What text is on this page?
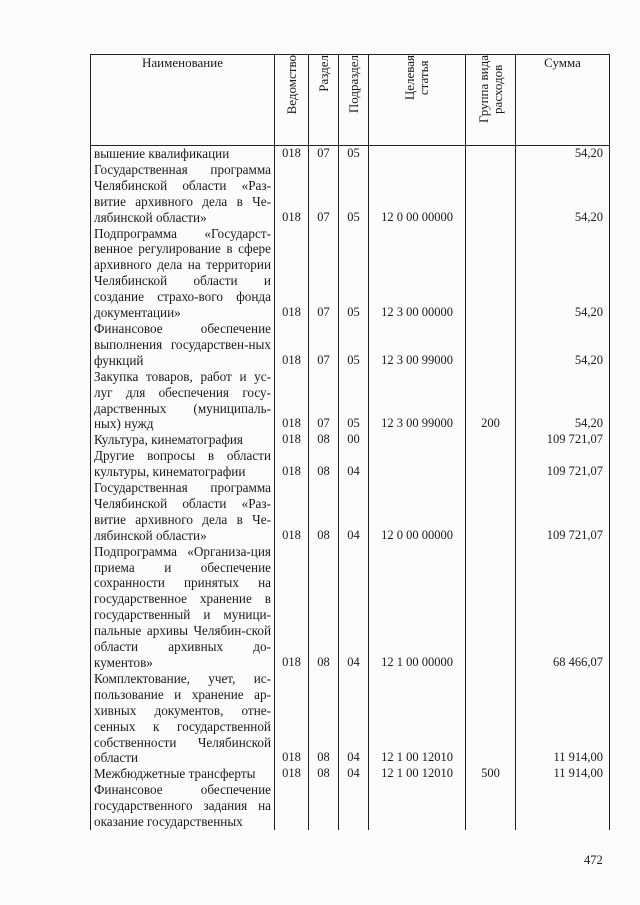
Наименование	Ведомство	Раздел	Подраздел	Целевая
статья	Группа вида
расходов	Сумма
вышение квалификации	018	07	05			54,20
Государственная программа Челябинской области «Раз-витие архивного дела в Че-лябинской области»	018	07	05	12 0 00 00000		54,20
Подпрограмма «Государст-венное регулирование в сфере архивного дела на территории Челябинской области и создание страхо-вого фонда документации»	018	07	05	12 3 00 00000		54,20
Финансовое обеспечение выполнения государствен-ных функций	018	07	05	12 3 00 99000		54,20
Закупка товаров, работ и ус-луг для обеспечения госу-дарственных (муниципаль-ных) нужд	018	07	05	12 3 00 99000	200	54,20
Культура, кинематография	018	08	00			109 721,07
Другие вопросы в области культуры, кинематографии	018	08	04			109 721,07
Государственная программа Челябинской области «Раз-витие архивного дела в Че-лябинской области»	018	08	04	12 0 00 00000		109 721,07
Подпрограмма «Организа-ция приема и обеспечение сохранности принятых на государственное хранение в государственный и муници-пальные архивы Челябин-ской области архивных до-кументов»	018	08	04	12 1 00 00000		68 466,07
Комплектование, учет, ис-пользование и хранение ар-хивных документов, отне-сенных к государственной собственности Челябинской области	018	08	04	12 1 00 12010		11 914,00
Межбюджетные трансферты	018	08	04	12 1 00 12010	500	11 914,00
Финансовое обеспечение государственного задания на оказание государственных						
472
